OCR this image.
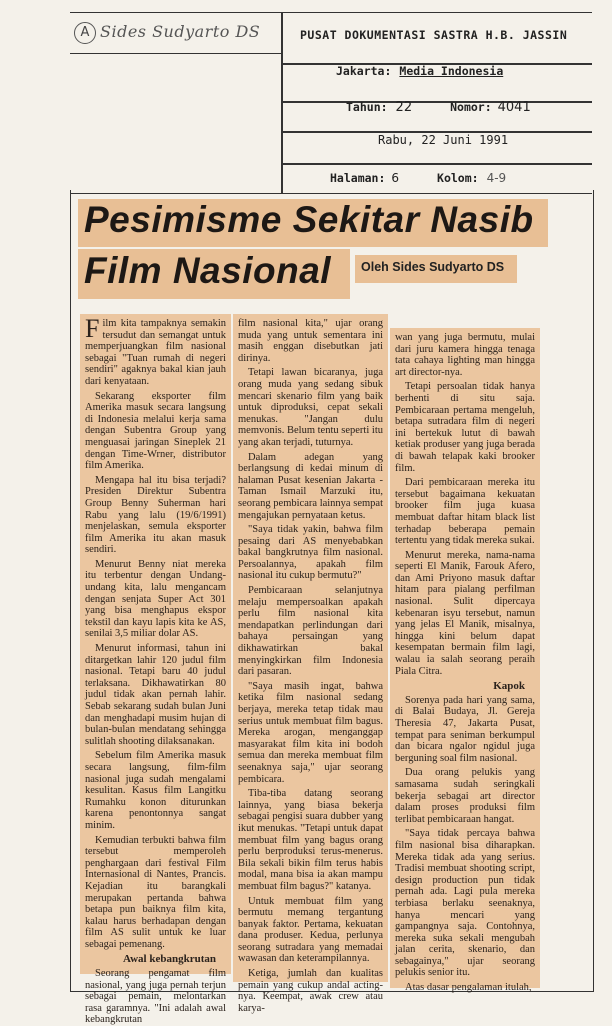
A Sides Sudyarto DS	PUSAT DOKUMENTASI SASTRA H.B. JASSIN
Jakarta: Media Indonesia
Tahun: 22	Nomor: 4041
Rabu, 22 Juni 1991
Halaman: 6	Kolom: 4-9
Pesimisme Sekitar Nasib
Film Nasional Oleh Sides Sudyarto DS

Film kita tampaknya semakin tersudut dan semangat untuk memperjuangkan film nasional sebagai "Tuan rumah di negeri sendiri" agaknya bakal kian jauh dari kenyataan.

Sekarang eksporter film Amerika masuk secara langsung di Indonesia melalui kerja sama dengan Subentra Group yang menguasai jaringan Sineplek 21 dengan Time-Wrner, distributor film Amerika.

Mengapa hal itu bisa terjadi? Presiden Direktur Subentra Group Benny Suherman hari Rabu yang lalu (19/6/1991) menjelaskan, semula eksporter film Amerika itu akan masuk sendiri.

Menurut Benny niat mereka itu terbentur dengan Undang-undang kita, lalu mengancam dengan senjata Super Act 301 yang bisa menghapus ekspor tekstil dan kayu lapis kita ke AS, senilai 3,5 miliar dolar AS.

Menurut informasi, tahun ini ditargetkan lahir 120 judul film nasional. Tetapi baru 40 judul terlaksana. Dikhawatirkan 80 judul tidak akan pernah lahir. Sebab sekarang sudah bulan Juni dan menghadapi musim hujan di bulan-bulan mendatang sehingga sulitlah shooting dilaksanakan.

Sebelum film Amerika masuk secara langsung, film-film nasional juga sudah mengalami kesulitan. Kasus film Langitku Rumahku konon diturunkan karena penontonnya sangat minim.

Kemudian terbukti bahwa film tersebut memperoleh penghargaan dari festival Film Internasional di Nantes, Prancis. Kejadian itu barangkali merupakan pertanda bahwa betapa pun baiknya film kita, kalau harus berhadapan dengan film AS sulit untuk ke luar sebagai pemenang.

Awal kebangkrutan

Seorang pengamat film nasional, yang juga pernah terjun sebagai pemain, melontarkan rasa garamnya. "Ini adalah awal kebangkrutan

film nasional kita," ujar orang muda yang untuk sementara ini masih enggan disebutkan jati dirinya.

Tetapi lawan bicaranya, juga orang muda yang sedang sibuk mencari skenario film yang baik untuk diproduksi, cepat sekali menukas. "Jangan dulu memvonis. Belum tentu seperti itu yang akan terjadi, tuturnya.

Dalam adegan yang berlangsung di kedai minum di halaman Pusat kesenian Jakarta - Taman Ismail Marzuki itu, seorang pembicara lainnya sempat mengajukan pernyataan ketus.

"Saya tidak yakin, bahwa film pesaing dari AS menyebabkan bakal bangkrutnya film nasional. Persoalannya, apakah film nasional itu cukup bermutu?"

Pembicaraan selanjutnya melaju mempersoalkan apakah perlu film nasional kita mendapatkan perlindungan dari bahaya persaingan yang dikhawatirkan bakal menyingkirkan film Indonesia dari pasaran.

"Saya masih ingat, bahwa ketika film nasional sedang berjaya, mereka tetap tidak mau serius untuk membuat film bagus. Mereka arogan, menganggap masyarakat film kita ini bodoh semua dan mereka membuat film seenaknya saja," ujar seorang pembicara.

Tiba-tiba datang seorang lainnya, yang biasa bekerja sebagai pengisi suara dubber yang ikut menukas. "Tetapi untuk dapat membuat film yang bagus orang perlu berproduksi terus-menerus. Bila sekali bikin film terus habis modal, mana bisa ia akan mampu membuat film bagus?" katanya.

Untuk membuat film yang bermutu memang tergantung banyak faktor. Pertama, kekuatan dana produser. Kedua, perlunya seorang sutradara yang memadai wawasan dan keterampilannya.

Ketiga, jumlah dan kualitas pemain yang cukup andal acting-nya. Keempat, awak crew atau karya-

wan yang juga bermutu, mulai dari juru kamera hingga tenaga tata cahaya lighting man hingga art director-nya.

Tetapi persoalan tidak hanya berhenti di situ saja. Pembicaraan pertama mengeluh, betapa sutradara film di negeri ini bertekuk lutut di bawah ketiak produser yang juga berada di bawah telapak kaki brooker film.

Dari pembicaraan mereka itu tersebut bagaimana kekuatan brooker film juga kuasa membuat daftar hitam black list terhadap beberapa pemain tertentu yang tidak mereka sukai.

Menurut mereka, nama-nama seperti El Manik, Farouk Afero, dan Ami Priyono masuk daftar hitam para pialang perfilman nasional. Sulit dipercaya kebenaran isyu tersebut, namun yang jelas El Manik, misalnya, hingga kini belum dapat kesempatan bermain film lagi, walau ia salah seorang peraih Piala Citra.

Kapok

Sorenya pada hari yang sama, di Balai Budaya, Jl. Gereja Theresia 47, Jakarta Pusat, tempat para seniman berkumpul dan bicara ngalor ngidul juga berguning soal film nasional.

Dua orang pelukis yang samasama sudah seringkali bekerja sebagai art director dalam proses produksi film terlibat pembicaraan hangat.

"Saya tidak percaya bahwa film nasional bisa diharapkan. Mereka tidak ada yang serius. Tradisi membuat shooting script, design production pun tidak pernah ada. Lagi pula mereka terbiasa berlaku seenaknya, hanya mencari yang gampangnya saja. Contohnya, mereka suka sekali mengubah jalan cerita, skenario, dan sebagainya," ujar seorang pelukis senior itu.

Atas dasar pengalaman itulah,
